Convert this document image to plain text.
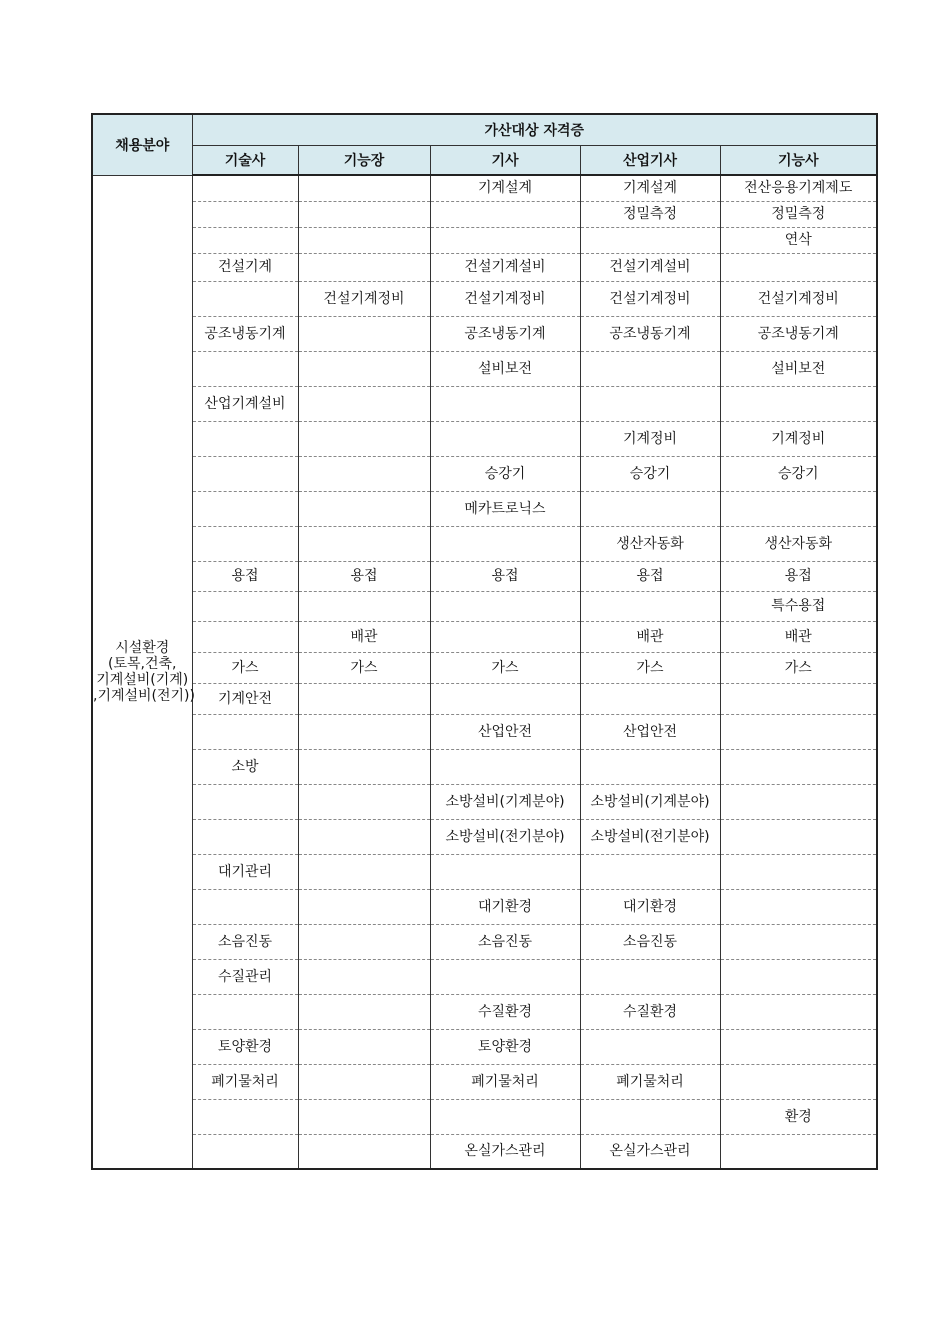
채용분야	가산대상 자격증				
	기술사	기능장	기사	산업기사	기능사

시설환경
(토목,건축,
기계설비(기계)
,기계설비(전기))			기계설계	기계설계	전산응용기계제도
				정밀측정	정밀측정
					연삭
	건설기계		건설기계설비	건설기계설비	
		건설기계정비	건설기계정비	건설기계정비	건설기계정비
	공조냉동기계		공조냉동기계	공조냉동기계	공조냉동기계
			설비보전		설비보전
	산업기계설비				
				기계정비	기계정비
			승강기	승강기	승강기
			메카트로닉스		
				생산자동화	생산자동화
	용접	용접	용접	용접	용접
					특수용접
		배관		배관	배관
	가스	가스	가스	가스	가스
	기계안전				
			산업안전	산업안전	
	소방				
			소방설비(기계분야)	소방설비(기계분야)	
			소방설비(전기분야)	소방설비(전기분야)	
	대기관리				
			대기환경	대기환경	
	소음진동		소음진동	소음진동	
	수질관리				
			수질환경	수질환경	
	토양환경		토양환경		
	폐기물처리		폐기물처리	폐기물처리	
					환경
			온실가스관리	온실가스관리	
